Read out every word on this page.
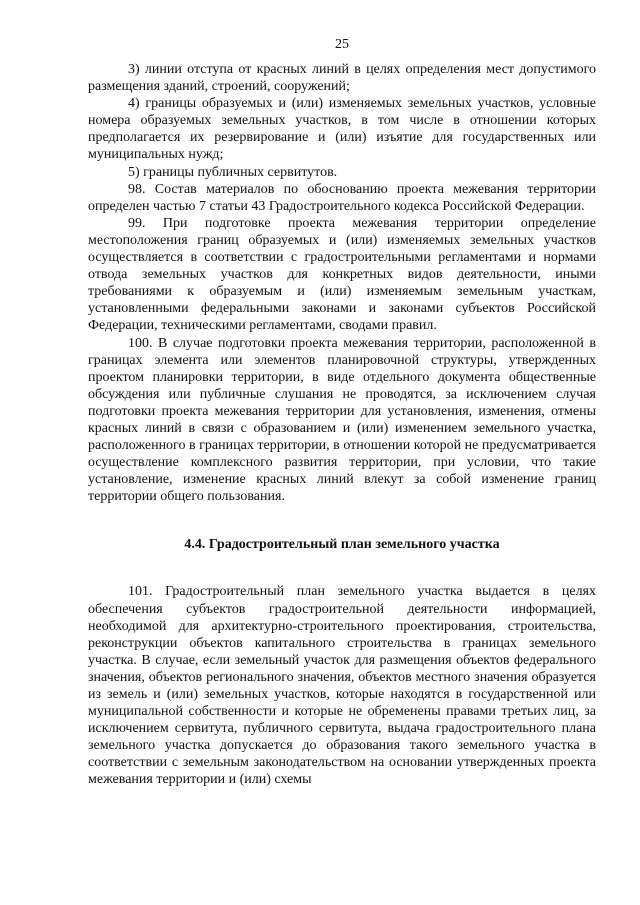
25

3) линии отступа от красных линий в целях определения мест допустимого размещения зданий, строений, сооружений;

4) границы образуемых и (или) изменяемых земельных участков, условные номера образуемых земельных участков, в том числе в отношении которых предполагается их резервирование и (или) изъятие для государственных или муниципальных нужд;

5) границы публичных сервитутов.

98. Состав материалов по обоснованию проекта межевания территории определен частью 7 статьи 43 Градостроительного кодекса Российской Федерации.

99. При подготовке проекта межевания территории определение местоположения границ образуемых и (или) изменяемых земельных участков осуществляется в соответствии с градостроительными регламентами и нормами отвода земельных участков для конкретных видов деятельности, иными требованиями к образуемым и (или) изменяемым земельным участкам, установленными федеральными законами и законами субъектов Российской Федерации, техническими регламентами, сводами правил.

100. В случае подготовки проекта межевания территории, расположенной в границах элемента или элементов планировочной структуры, утвержденных проектом планировки территории, в виде отдельного документа общественные обсуждения или публичные слушания не проводятся, за исключением случая подготовки проекта межевания территории для установления, изменения, отмены красных линий в связи с образованием и (или) изменением земельного участка, расположенного в границах территории, в отношении которой не предусматривается осуществление комплексного развития территории, при условии, что такие установление, изменение красных линий влекут за собой изменение границ территории общего пользования.

4.4. Градостроительный план земельного участка

101. Градостроительный план земельного участка выдается в целях обеспечения субъектов градостроительной деятельности информацией, необходимой для архитектурно-строительного проектирования, строительства, реконструкции объектов капитального строительства в границах земельного участка. В случае, если земельный участок для размещения объектов федерального значения, объектов регионального значения, объектов местного значения образуется из земель и (или) земельных участков, которые находятся в государственной или муниципальной собственности и которые не обременены правами третьих лиц, за исключением сервитута, публичного сервитута, выдача градостроительного плана земельного участка допускается до образования такого земельного участка в соответствии с земельным законодательством на основании утвержденных проекта межевания территории и (или) схемы
